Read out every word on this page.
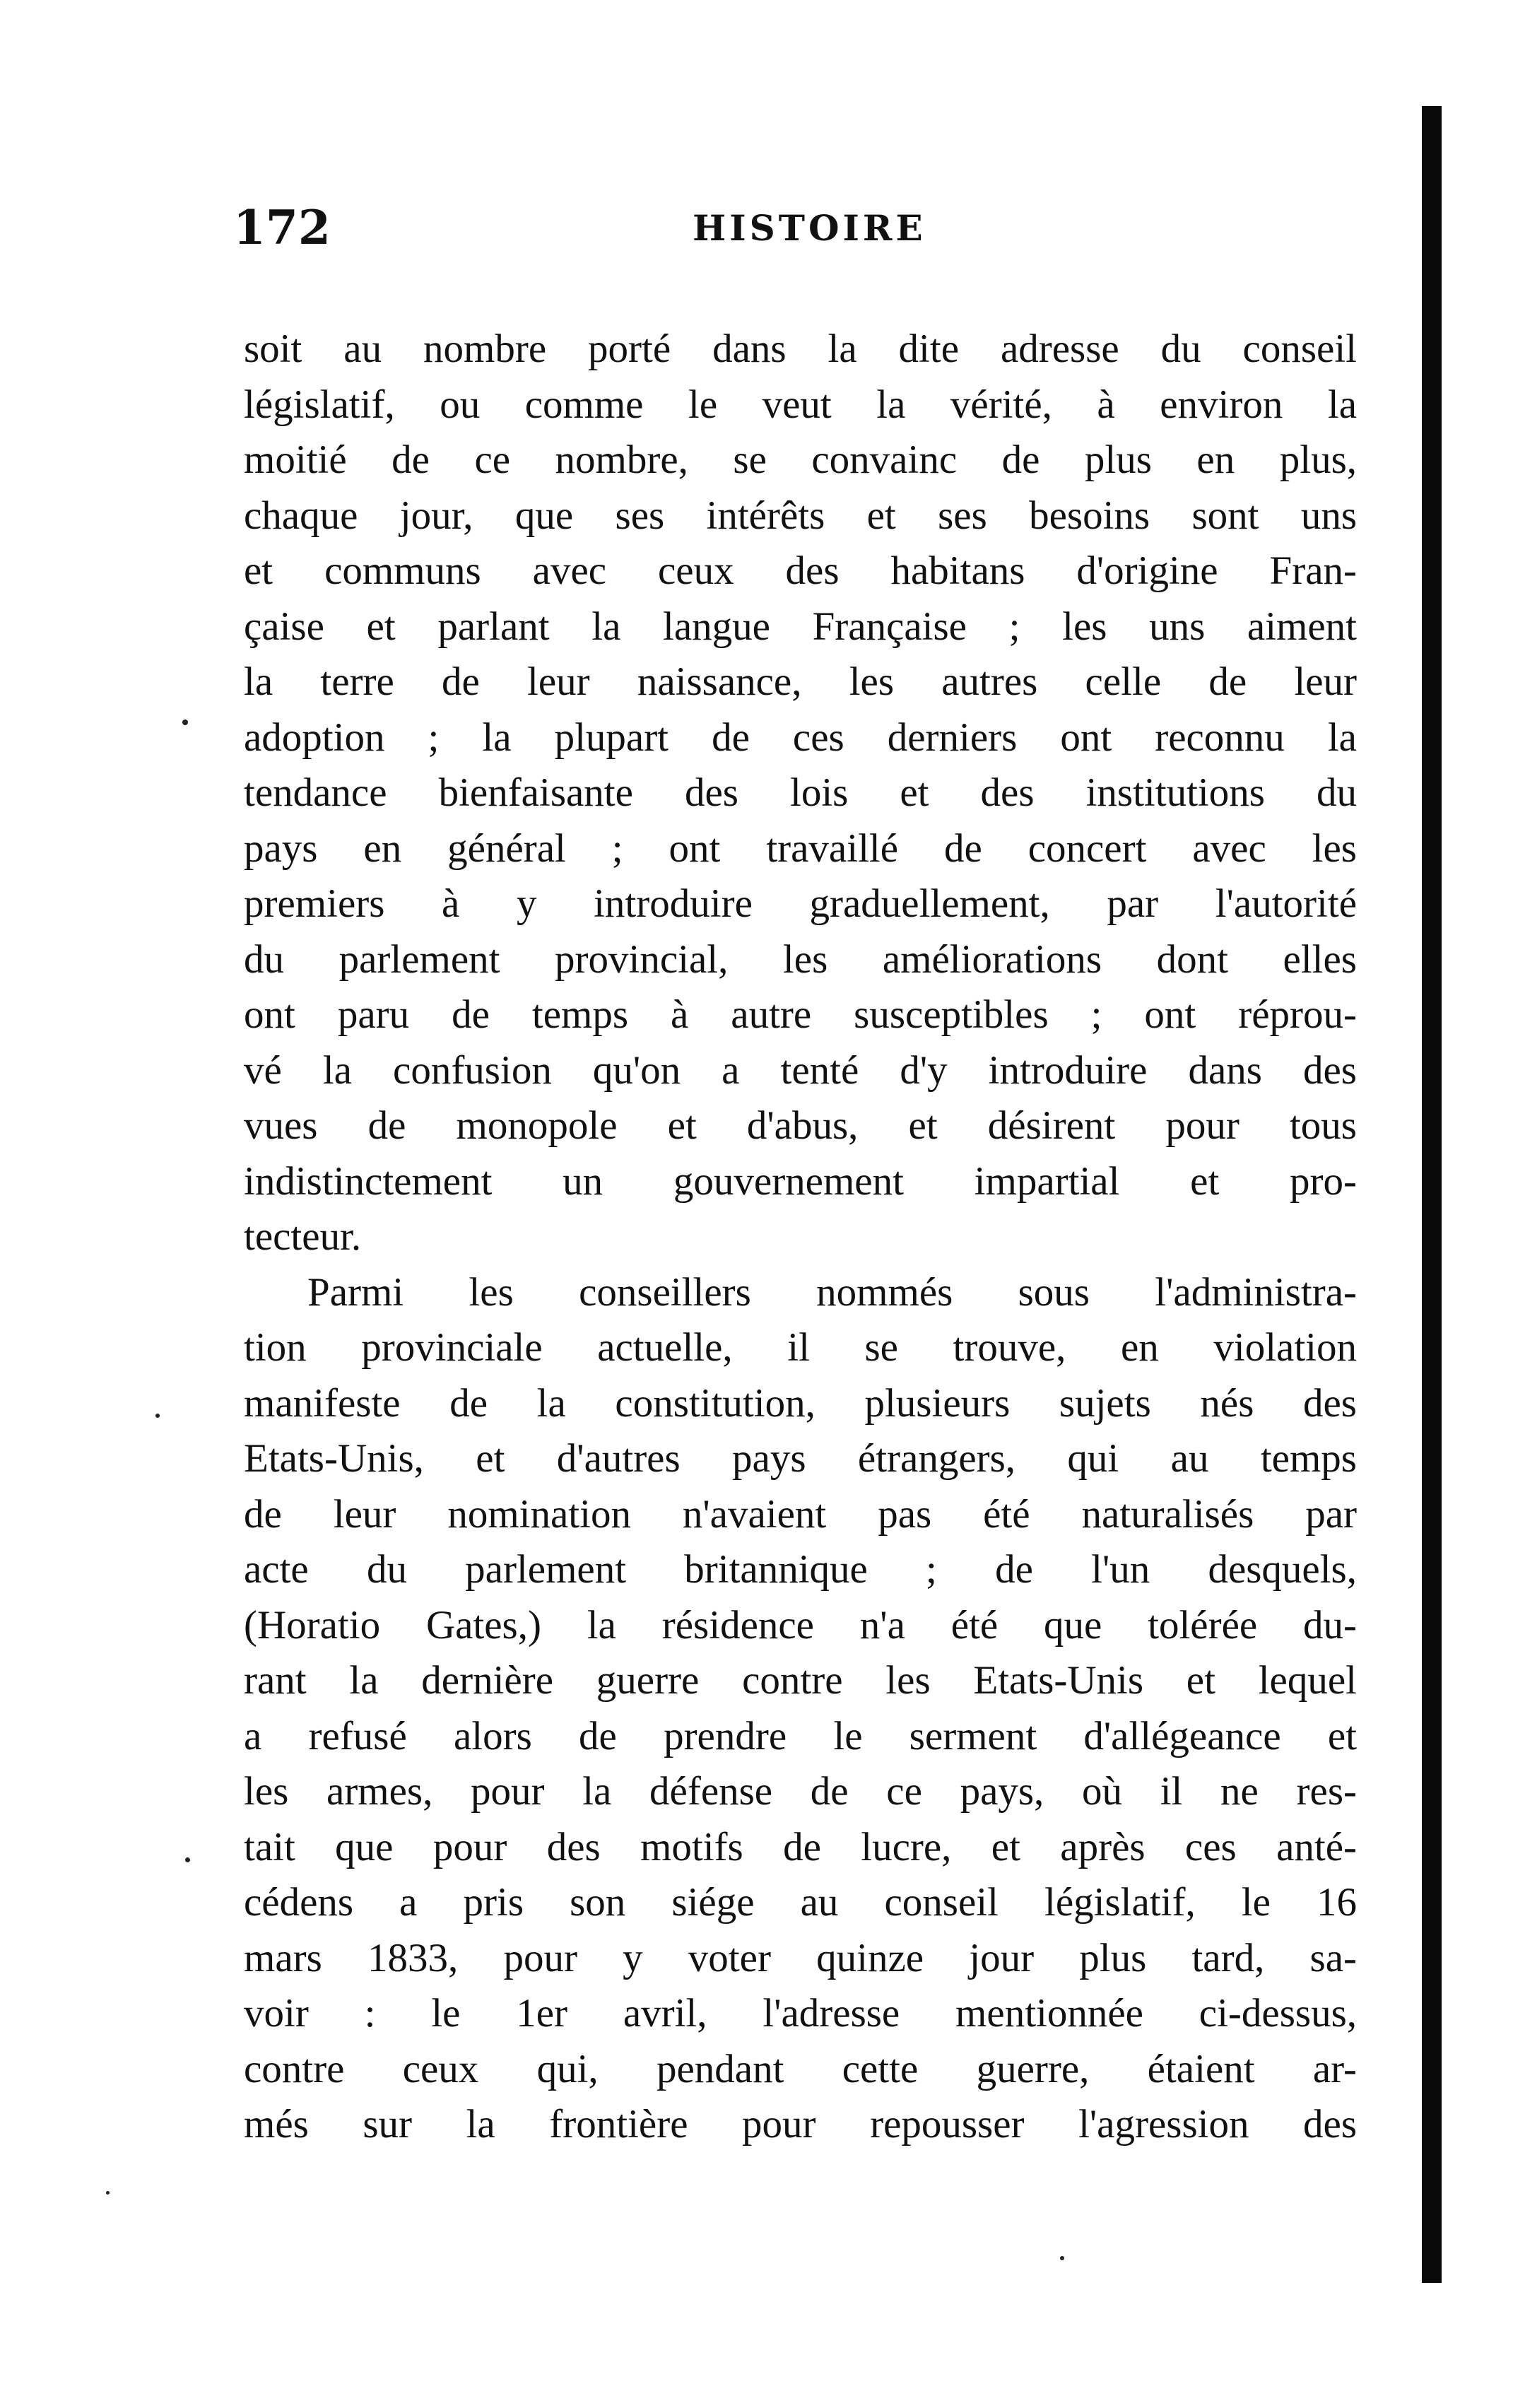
172	HISTOIRE
soit au nombre porté dans la dite adresse du conseil
législatif, ou comme le veut la vérité, à environ la
moitié de ce nombre, se convainc de plus en plus,
chaque jour, que ses intérêts et ses besoins sont uns
et communs avec ceux des habitans d'origine Fran-
çaise et parlant la langue Française ; les uns aiment
la terre de leur naissance, les autres celle de leur
adoption ; la plupart de ces derniers ont reconnu la
tendance bienfaisante des lois et des institutions du
pays en général ; ont travaillé de concert avec les
premiers à y introduire graduellement, par l'autorité
du parlement provincial, les améliorations dont elles
ont paru de temps à autre susceptibles ; ont réprou-
vé la confusion qu'on a tenté d'y introduire dans des
vues de monopole et d'abus, et désirent pour tous
indistinctement un gouvernement impartial et pro-
tecteur.
Parmi les conseillers nommés sous l'administra-
tion provinciale actuelle, il se trouve, en violation
manifeste de la constitution, plusieurs sujets nés des
Etats-Unis, et d'autres pays étrangers, qui au temps
de leur nomination n'avaient pas été naturalisés par
acte du parlement britannique ; de l'un desquels,
(Horatio Gates,) la résidence n'a été que tolérée du-
rant la dernière guerre contre les Etats-Unis et lequel
a refusé alors de prendre le serment d'allégeance et
les armes, pour la défense de ce pays, où il ne res-
tait que pour des motifs de lucre, et après ces anté-
cédens a pris son siége au conseil législatif, le 16
mars 1833, pour y voter quinze jour plus tard, sa-
voir : le 1er avril, l'adresse mentionnée ci-dessus,
contre ceux qui, pendant cette guerre, étaient ar-
més sur la frontière pour repousser l'agression des
